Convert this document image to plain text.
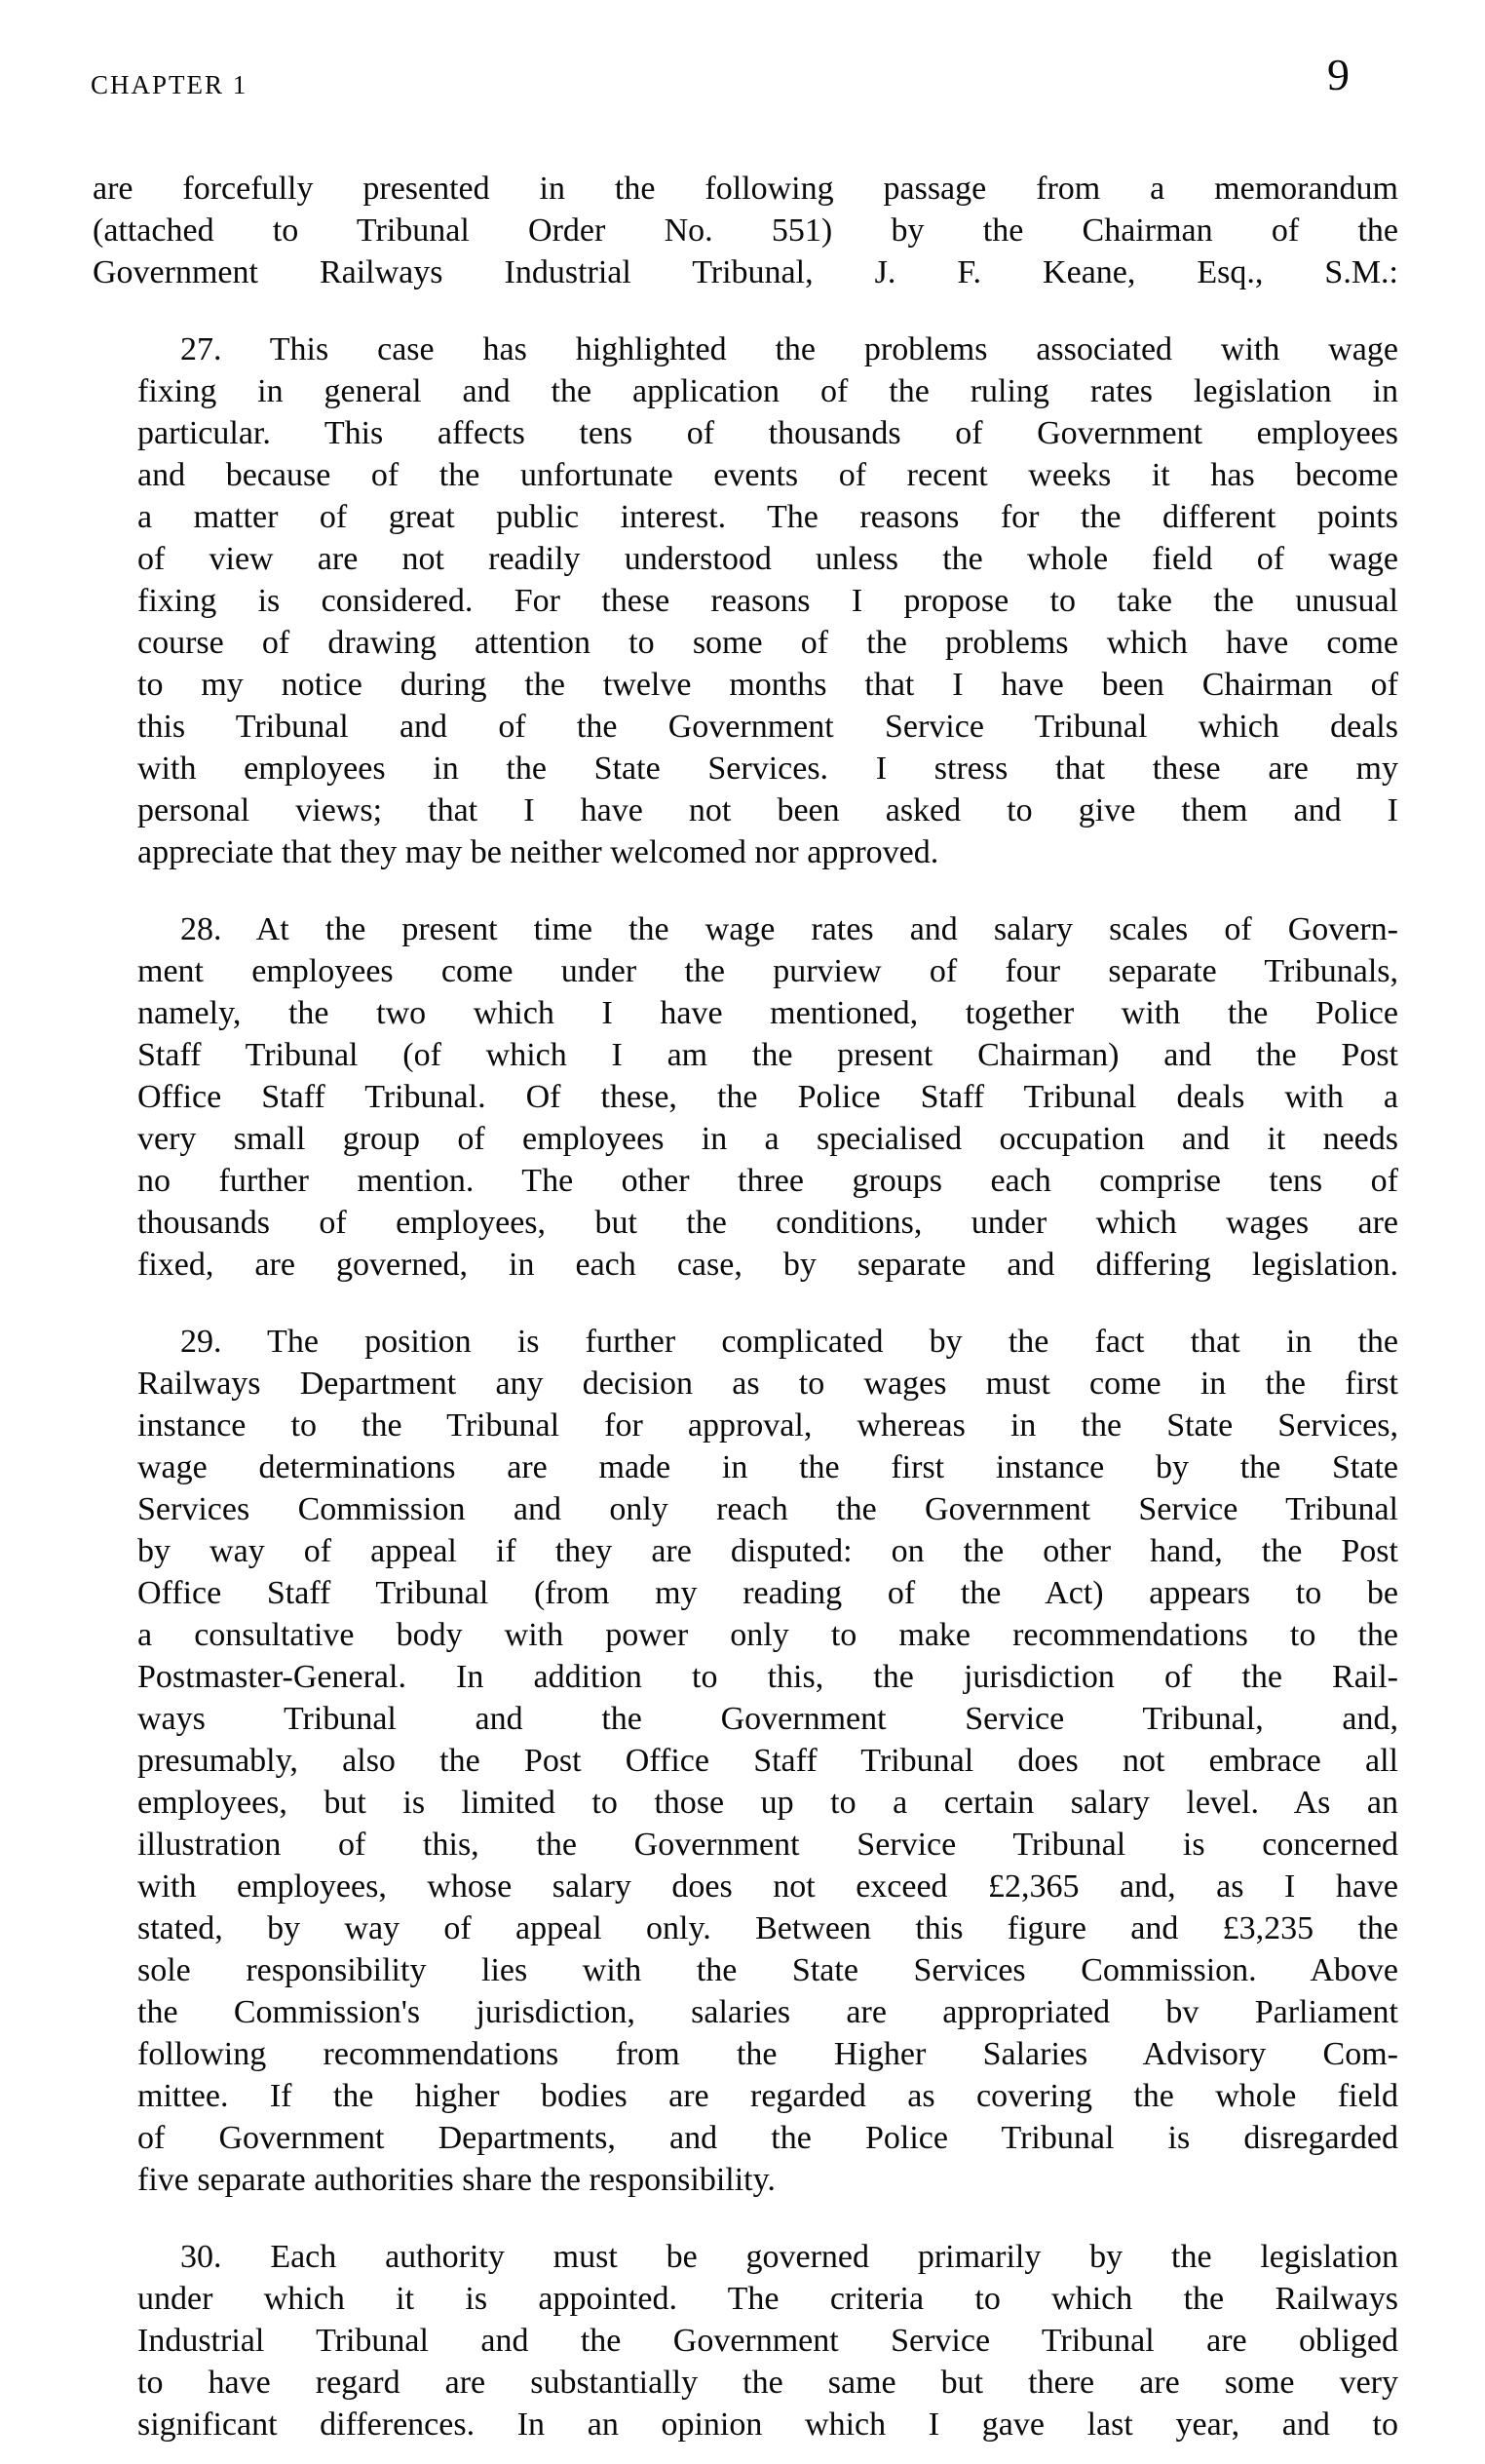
CHAPTER 1	9
are forcefully presented in the following passage from a memorandum
(attached to Tribunal Order No. 551) by the Chairman of the
Government Railways Industrial Tribunal, J. F. Keane, Esq., S.M.:
27. This case has highlighted the problems associated with wage
fixing in general and the application of the ruling rates legislation in
particular. This affects tens of thousands of Government employees
and because of the unfortunate events of recent weeks it has become
a matter of great public interest. The reasons for the different points
of view are not readily understood unless the whole field of wage
fixing is considered. For these reasons I propose to take the unusual
course of drawing attention to some of the problems which have come
to my notice during the twelve months that I have been Chairman of
this Tribunal and of the Government Service Tribunal which deals
with employees in the State Services. I stress that these are my
personal views; that I have not been asked to give them and I
appreciate that they may be neither welcomed nor approved.
28. At the present time the wage rates and salary scales of Govern-
ment employees come under the purview of four separate Tribunals,
namely, the two which I have mentioned, together with the Police
Staff Tribunal (of which I am the present Chairman) and the Post
Office Staff Tribunal. Of these, the Police Staff Tribunal deals with a
very small group of employees in a specialised occupation and it needs
no further mention. The other three groups each comprise tens of
thousands of employees, but the conditions, under which wages are
fixed, are governed, in each case, by separate and differing legislation.
29. The position is further complicated by the fact that in the
Railways Department any decision as to wages must come in the first
instance to the Tribunal for approval, whereas in the State Services,
wage determinations are made in the first instance by the State
Services Commission and only reach the Government Service Tribunal
by way of appeal if they are disputed: on the other hand, the Post
Office Staff Tribunal (from my reading of the Act) appears to be
a consultative body with power only to make recommendations to the
Postmaster-General. In addition to this, the jurisdiction of the Rail-
ways Tribunal and the Government Service Tribunal, and,
presumably, also the Post Office Staff Tribunal does not embrace all
employees, but is limited to those up to a certain salary level. As an
illustration of this, the Government Service Tribunal is concerned
with employees, whose salary does not exceed £2,365 and, as I have
stated, by way of appeal only. Between this figure and £3,235 the
sole responsibility lies with the State Services Commission. Above
the Commission's jurisdiction, salaries are appropriated bv Parliament
following recommendations from the Higher Salaries Advisory Com-
mittee. If the higher bodies are regarded as covering the whole field
of Government Departments, and the Police Tribunal is disregarded
five separate authorities share the responsibility.
30. Each authority must be governed primarily by the legislation
under which it is appointed. The criteria to which the Railways
Industrial Tribunal and the Government Service Tribunal are obliged
to have regard are substantially the same but there are some very
significant differences. In an opinion which I gave last year, and to
